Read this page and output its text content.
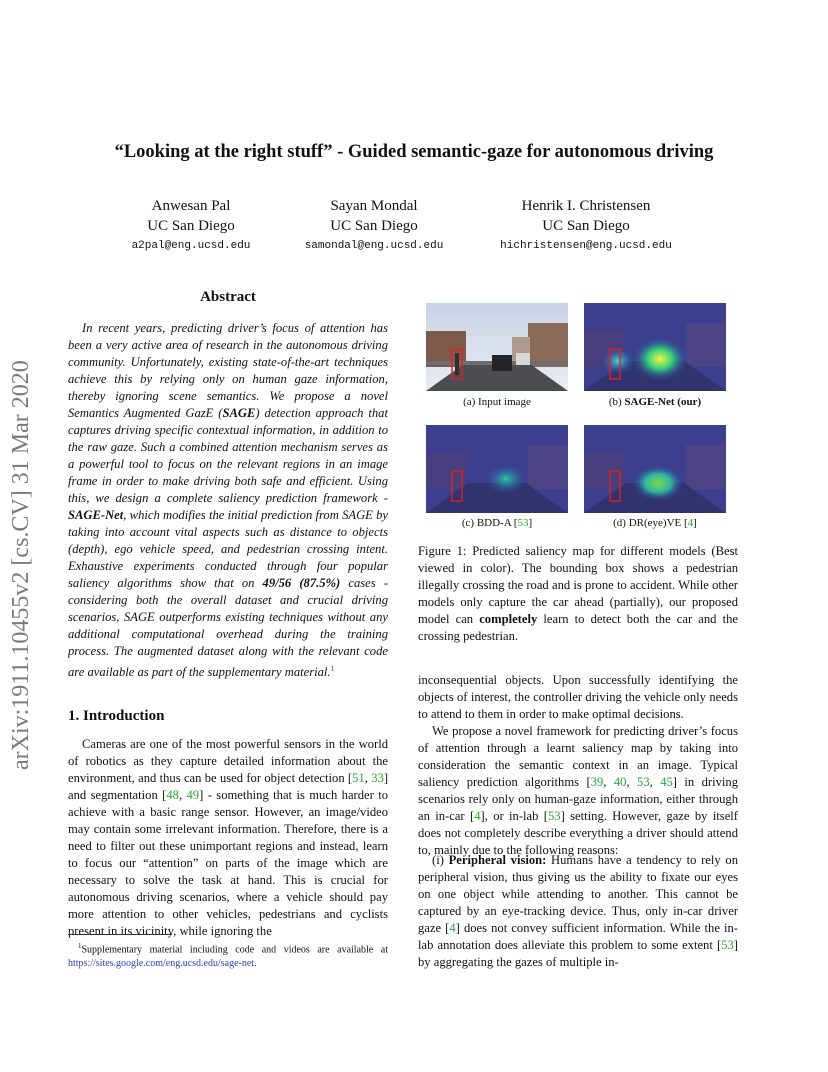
arXiv:1911.10455v2 [cs.CV] 31 Mar 2020
“Looking at the right stuff” - Guided semantic-gaze for autonomous driving
Anwesan Pal
UC San Diego
a2pal@eng.ucsd.edu
Sayan Mondal
UC San Diego
samondal@eng.ucsd.edu
Henrik I. Christensen
UC San Diego
hichristensen@eng.ucsd.edu
Abstract
In recent years, predicting driver’s focus of attention has been a very active area of research in the autonomous driving community. Unfortunately, existing state-of-the-art techniques achieve this by relying only on human gaze information, thereby ignoring scene semantics. We propose a novel Semantics Augmented GazE (SAGE) detection approach that captures driving specific contextual information, in addition to the raw gaze. Such a combined attention mechanism serves as a powerful tool to focus on the relevant regions in an image frame in order to make driving both safe and efficient. Using this, we design a complete saliency prediction framework - SAGE-Net, which modifies the initial prediction from SAGE by taking into account vital aspects such as distance to objects (depth), ego vehicle speed, and pedestrian crossing intent. Exhaustive experiments conducted through four popular saliency algorithms show that on 49/56 (87.5%) cases - considering both the overall dataset and crucial driving scenarios, SAGE outperforms existing techniques without any additional computational overhead during the training process. The augmented dataset along with the relevant code are available as part of the supplementary material.$^1$
1. Introduction

Cameras are one of the most powerful sensors in the world of robotics as they capture detailed information about the environment, and thus can be used for object detection [51, 33] and segmentation [48, 49] - something that is much harder to achieve with a basic range sensor. However, an image/video may contain some irrelevant information. Therefore, there is a need to filter out these unimportant regions and instead, learn to focus our “attention” on parts of the image which are necessary to solve the task at hand. This is crucial for autonomous driving scenarios, where a vehicle should pay more attention to other vehicles, pedestrians and cyclists present in its vicinity, while ignoring the

$^1$Supplementary material including code and videos are available at https://sites.google.com/eng.ucsd.edu/sage-net.
(a) Input image	(b) SAGE-Net (our)
(c) BDD-A [53]	(d) DR(eye)VE [4]
Figure 1: Predicted saliency map for different models (Best viewed in color). The bounding box shows a pedestrian illegally crossing the road and is prone to accident. While other models only capture the car ahead (partially), our proposed model can completely learn to detect both the car and the crossing pedestrian.

inconsequential objects. Upon successfully identifying the objects of interest, the controller driving the vehicle only needs to attend to them in order to make optimal decisions.

We propose a novel framework for predicting driver’s focus of attention through a learnt saliency map by taking into consideration the semantic context in an image. Typical saliency prediction algorithms [39, 40, 53, 45] in driving scenarios rely only on human-gaze information, either through an in-car [4], or in-lab [53] setting. However, gaze by itself does not completely describe everything a driver should attend to, mainly due to the following reasons:

(i) Peripheral vision: Humans have a tendency to rely on peripheral vision, thus giving us the ability to fixate our eyes on one object while attending to another. This cannot be captured by an eye-tracking device. Thus, only in-car driver gaze [4] does not convey sufficient information. While the in-lab annotation does alleviate this problem to some extent [53] by aggregating the gazes of multiple in-
